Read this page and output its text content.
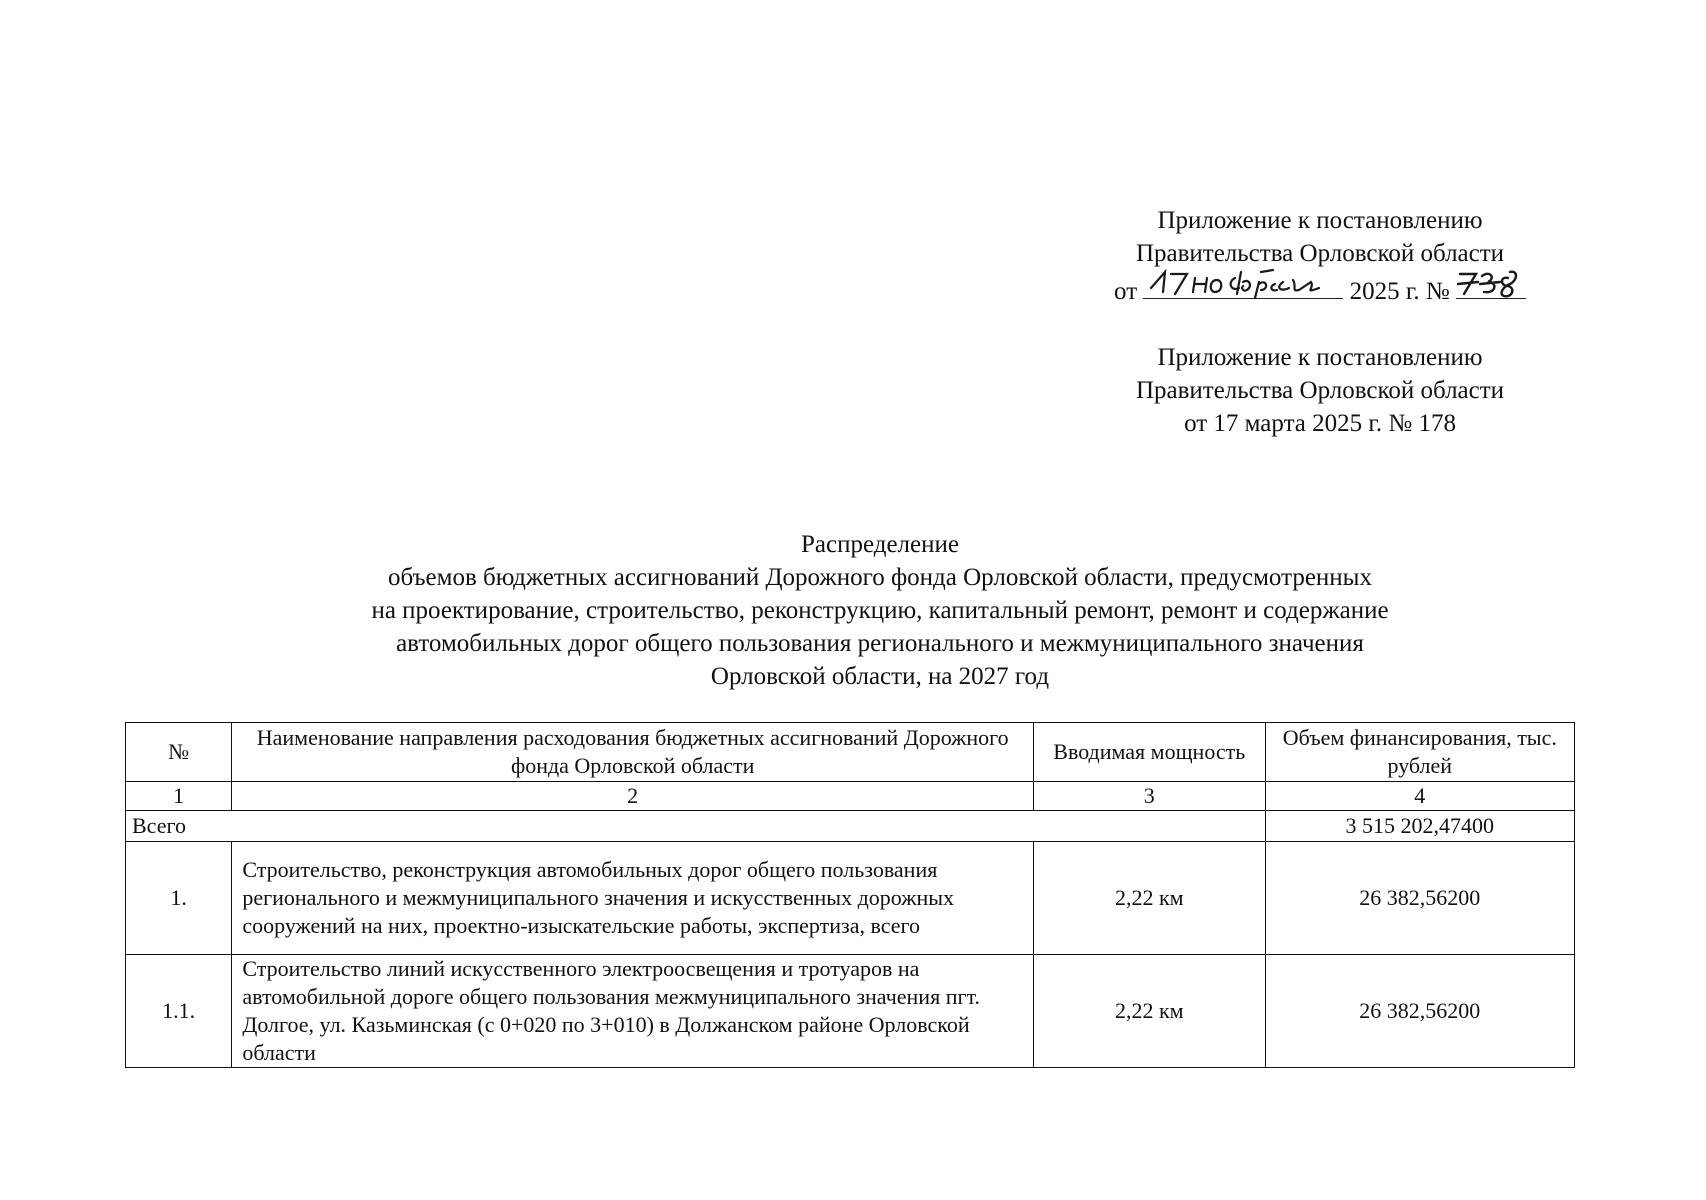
Приложение к постановлению

Правительства Орловской области

от	2025 г. №

Приложение к постановлению

Правительства Орловской области

от 17 марта 2025 г. № 178

Распределение

объемов бюджетных ассигнований Дорожного фонда Орловской области, предусмотренных

на проектирование, строительство, реконструкцию, капитальный ремонт, ремонт и содержание

автомобильных дорог общего пользования регионального и межмуниципального значения

Орловской области, на 2027 год

№	Наименование направления расходования бюджетных ассигнований Дорожного фонда Орловской области	Вводимая мощность	Объем финансирования, тыс. рублей
1	2	3	4
Всего			3 515 202,47400
1.	Строительство, реконструкция автомобильных дорог общего пользования регионального и межмуниципального значения и искусственных дорожных сооружений на них, проектно-изыскательские работы, экспертиза, всего	2,22 км	26 382,56200
1.1.	Строительство линий искусственного электроосвещения и тротуаров на автомобильной дороге общего пользования межмуниципального значения пгт. Долгое, ул. Казьминская (с 0+020 по 3+010) в Должанском районе Орловской области	2,22 км	26 382,56200
